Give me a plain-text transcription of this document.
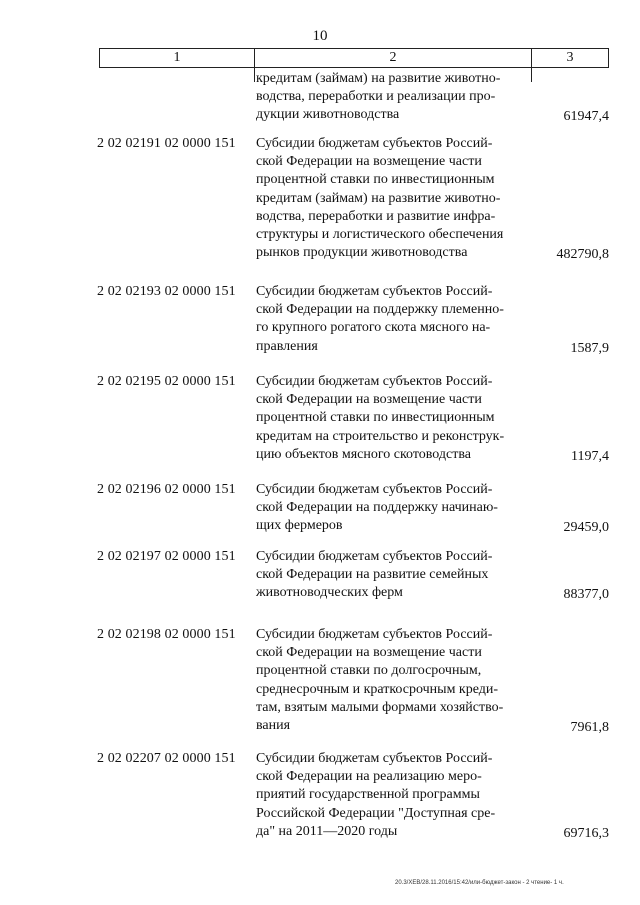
10
1	2	3
кредитам (займам) на развитие животно-
водства, переработки и реализации про-
дукции животноводства	61947,4
2 02 02191 02 0000 151 Субсидии бюджетам субъектов Россий-
ской Федерации на возмещение части
процентной ставки по инвестиционным
кредитам (займам) на развитие животно-
водства, переработки и развитие инфра-
структуры и логистического обеспечения
рынков продукции животноводства	482790,8
2 02 02193 02 0000 151 Субсидии бюджетам субъектов Россий-
ской Федерации на поддержку племенно-
го крупного рогатого скота мясного на-
правления	1587,9
2 02 02195 02 0000 151 Субсидии бюджетам субъектов Россий-
ской Федерации на возмещение части
процентной ставки по инвестиционным
кредитам на строительство и реконструк-
цию объектов мясного скотоводства	1197,4
2 02 02196 02 0000 151 Субсидии бюджетам субъектов Россий-
ской Федерации на поддержку начинаю-
щих фермеров	29459,0
2 02 02197 02 0000 151 Субсидии бюджетам субъектов Россий-
ской Федерации на развитие семейных
животноводческих ферм	88377,0
2 02 02198 02 0000 151 Субсидии бюджетам субъектов Россий-
ской Федерации на возмещение части
процентной ставки по долгосрочным,
среднесрочным и краткосрочным креди-
там, взятым малыми формами хозяйство-
вания	7961,8
2 02 02207 02 0000 151 Субсидии бюджетам субъектов Россий-
ской Федерации на реализацию меро-
приятий государственной программы
Российской Федерации "Доступная сре-
да" на 2011—2020 годы	69716,3
20.3/ХЕВ/28.11.2016/15:42/или-бюджет-закон - 2 чтение- 1 ч.
